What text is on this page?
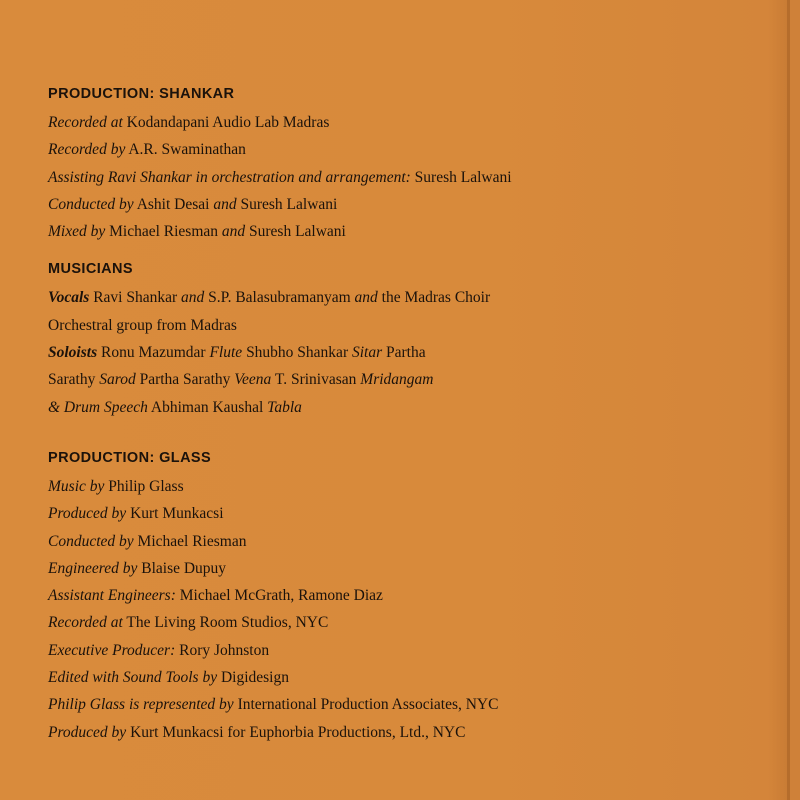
PRODUCTION: SHANKAR
Recorded at Kodandapani Audio Lab Madras
Recorded by A.R. Swaminathan
Assisting Ravi Shankar in orchestration and arrangement: Suresh Lalwani
Conducted by Ashit Desai and Suresh Lalwani
Mixed by Michael Riesman and Suresh Lalwani
MUSICIANS
Vocals Ravi Shankar and S.P. Balasubramanyam and the Madras Choir
Orchestral group from Madras
Soloists Ronu Mazumdar Flute Shubho Shankar Sitar Partha
Sarathy Sarod Partha Sarathy Veena T. Srinivasan Mridangam
& Drum Speech Abhiman Kaushal Tabla
PRODUCTION: GLASS
Music by Philip Glass
Produced by Kurt Munkacsi
Conducted by Michael Riesman
Engineered by Blaise Dupuy
Assistant Engineers: Michael McGrath, Ramone Diaz
Recorded at The Living Room Studios, NYC
Executive Producer: Rory Johnston
Edited with Sound Tools by Digidesign
Philip Glass is represented by International Production Associates, NYC
Produced by Kurt Munkacsi for Euphorbia Productions, Ltd., NYC
